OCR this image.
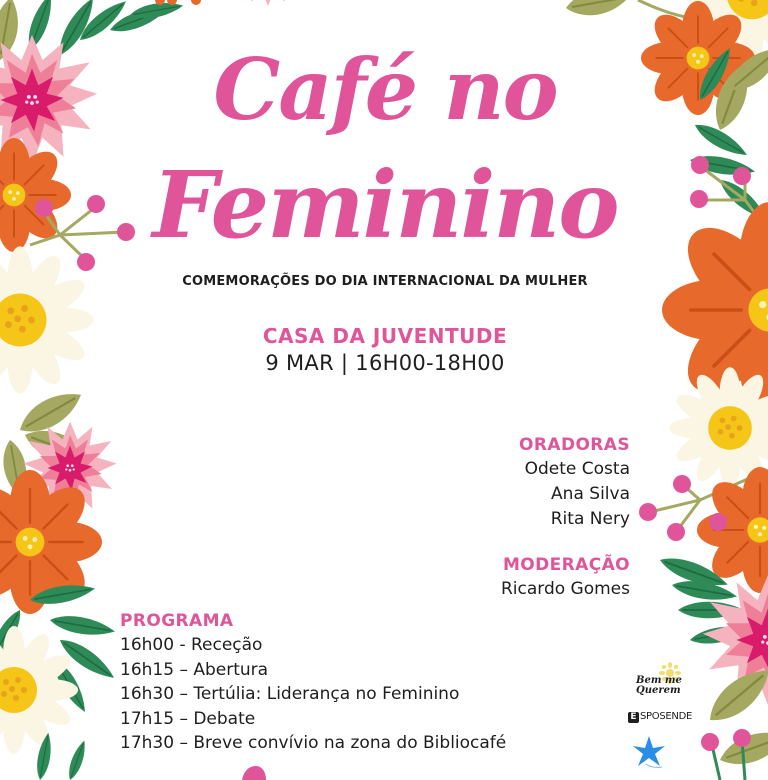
Café no
Feminino
COMEMORAÇÕES DO DIA INTERNACIONAL DA MULHER
CASA DA JUVENTUDE
9 MAR | 16H00-18H00
ORADORAS
Odete Costa
Ana Silva
Rita Nery
MODERAÇÃO
Ricardo Gomes
PROGRAMA
16h00 - Receção
16h15 – Abertura
16h30 – Tertúlia: Liderança no Feminino
17h15 – Debate
17h30 – Breve convívio na zona do Bibliocafé
Bem me Querem
E SPOSENDE
